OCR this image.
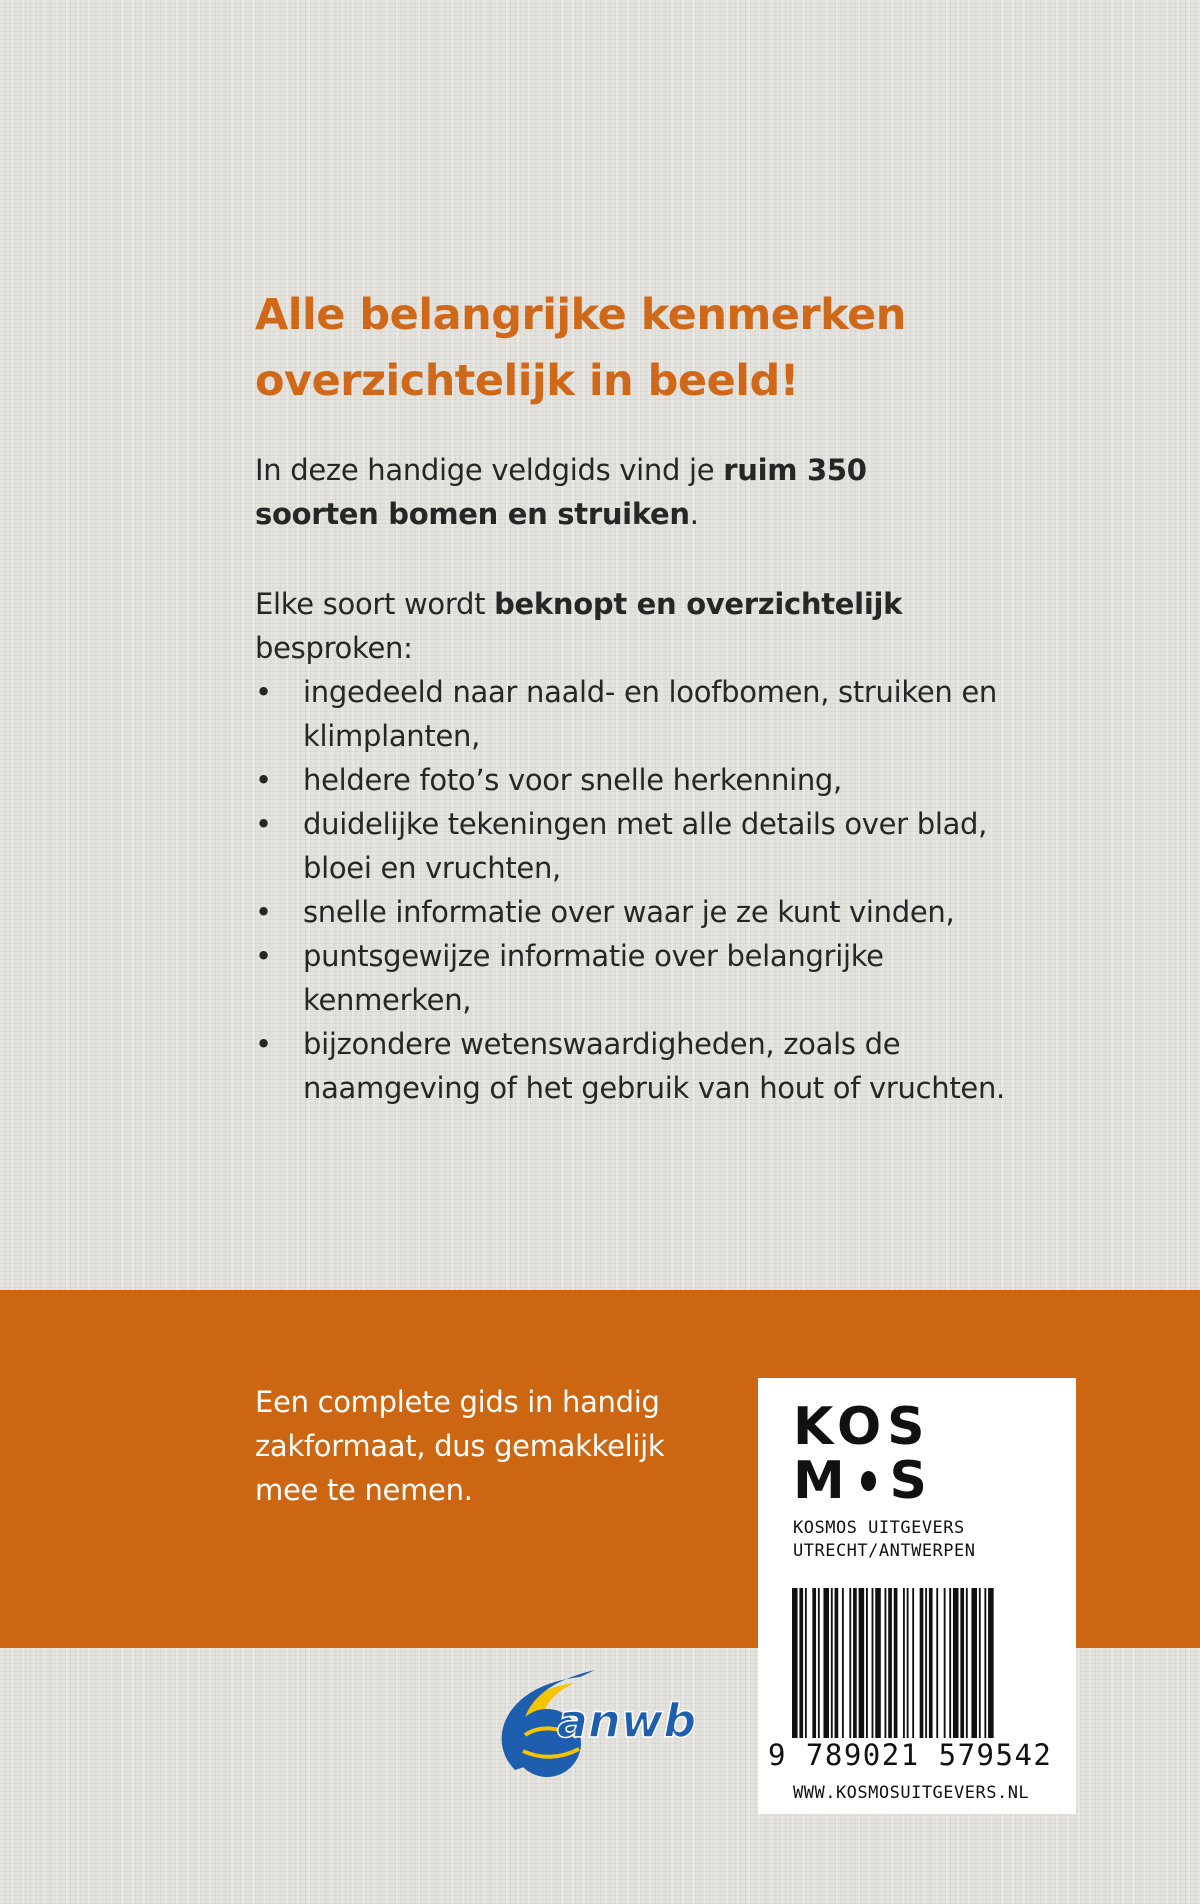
Alle belangrijke kenmerken
overzichtelijk in beeld!

In deze handige veldgids vind je ruim 350 soorten bomen en struiken.

Elke soort wordt beknopt en overzichtelijk besproken:

• ingedeeld naar naald- en loofbomen, struiken en klimplanten,
• heldere foto’s voor snelle herkenning,
• duidelijke tekeningen met alle details over blad, bloei en vruchten,
• snelle informatie over waar je ze kunt vinden,
• puntsgewijze informatie over belangrijke kenmerken,
• bijzondere wetenswaardigheden, zoals de naamgeving of het gebruik van hout of vruchten.

Een complete gids in handig zakformaat, dus gemakkelijk mee te nemen.

KOS
M S
KOSMOS UITGEVERS
UTRECHT/ANTWERPEN
9 789021 579542
WWW.KOSMOSUITGEVERS.NL
anwb
